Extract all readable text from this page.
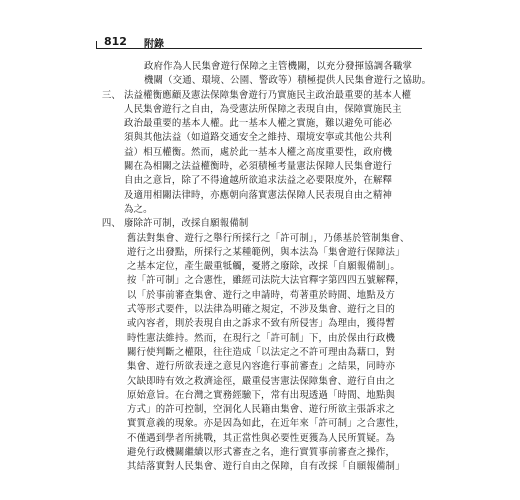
812 附錄
政府作為人民集會遊行保障之主管機關，以充分發揮協調各職掌
機關（交通、環境、公園、警政等）積極提供人民集會遊行之協助。
三、 法益權衡應顧及憲法保障集會遊行乃實施民主政治最重要的基本人權
人民集會遊行之自由，為受憲法所保障之表現自由，保障實施民主
政治最重要的基本人權。此一基本人權之實施，難以避免可能必
須與其他法益（如道路交通安全之維持、環境安寧或其他公共利
益）相互權衡。然而，處於此一基本人權之高度重要性，政府機
關在為相關之法益權衡時，必須積極考量憲法保障人民集會遊行
自由之意旨，除了不得逾越所欲追求法益之必要限度外，在解釋
及適用相關法律時，亦應朝向落實憲法保障人民表現自由之精神
為之。
四、 廢除許可制，改採自願報備制
舊法對集會、遊行之舉行所採行之「許可制」，乃係基於管制集會、
遊行之出發點，所採行之某種範例，與本法為「集會遊行保障法」
之基本定位，產生嚴重牴觸，憂將之廢除，改採「自願報備制」。
按「許可制」之合憲性，雖經司法院大法官釋字第四四五號解釋，
以「於事前審查集會、遊行之申請時，苟著重於時間、地點及方
式等形式要件，以法律為明確之規定，不涉及集會、遊行之目的
或內容者，則於表現自由之訴求不致有所侵害」為理由，獲得暫
時性憲法維持。然而，在現行之「許可制」下，由於保由行政機
關行使判斷之權限，往往造成「以法定之不許可理由為藉口，對
集會、遊行所欲表達之意見內容進行事前審查」之結果，同時亦
欠缺即時有效之救濟途徑，嚴重侵害憲法保障集會、遊行自由之
原始意旨。在台灣之實務經驗下，常有出現透過「時間、地點與
方式」的許可控制，空洞化人民籍由集會、遊行所欲主張訴求之
實質意義的現象。亦是因為如此，在近年來「許可制」之合憲性，
不僅遇到學者所挑戰，其正當性與必要性更獲為人民所質疑。為
避免行政機關繼續以形式審查之名，進行實質事前審查之操作，
其結落實對人民集會、遊行自由之保障，自有改採「自願報備制」
